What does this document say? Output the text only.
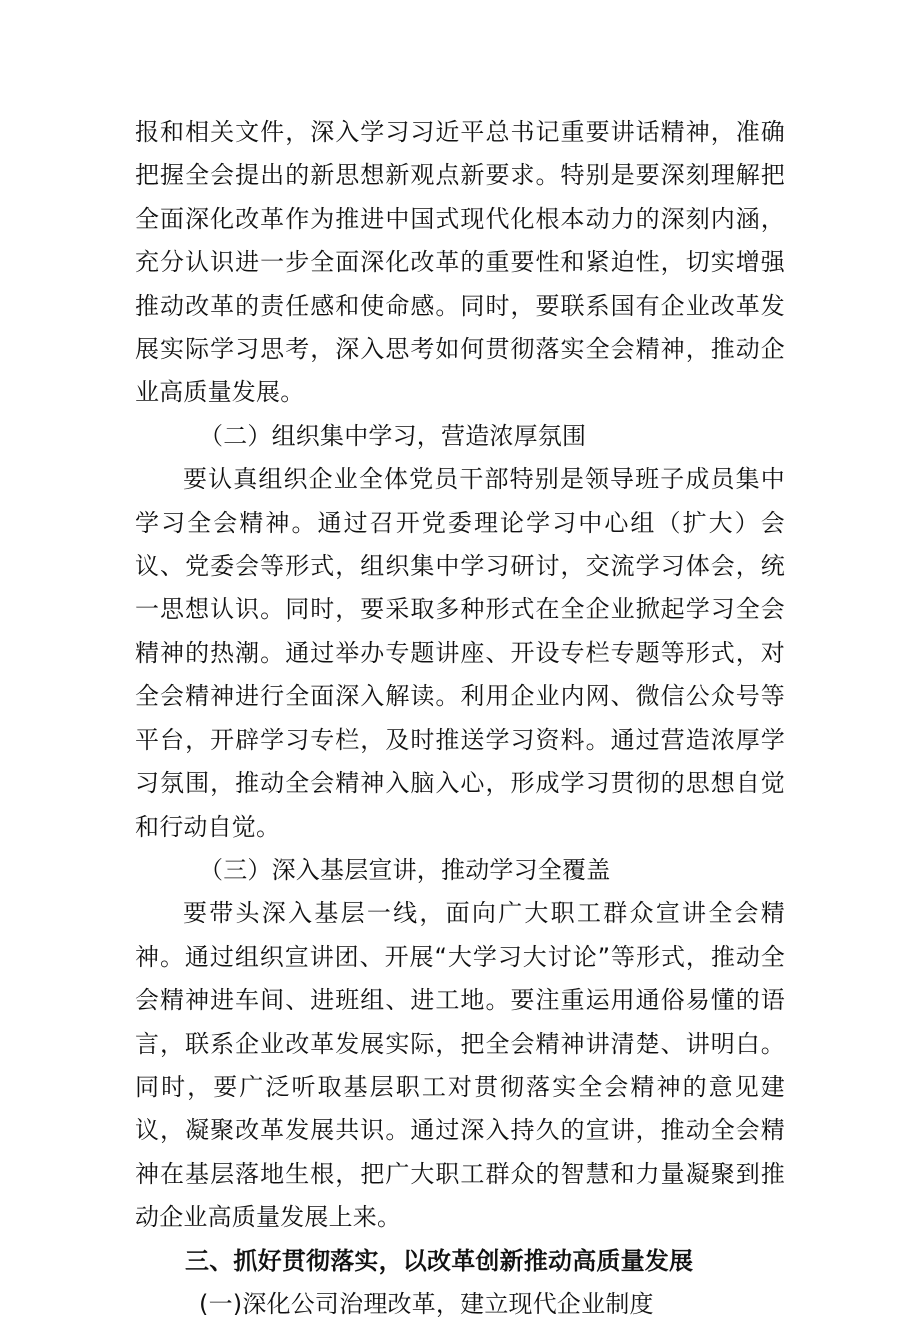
报和相关文件，深入学习习近平总书记重要讲话精神，准确把握全会提出的新思想新观点新要求。特别是要深刻理解把全面深化改革作为推进中国式现代化根本动力的深刻内涵，充分认识进一步全面深化改革的重要性和紧迫性，切实增强推动改革的责任感和使命感。同时，要联系国有企业改革发展实际学习思考，深入思考如何贯彻落实全会精神，推动企业高质量发展。

（二）组织集中学习，营造浓厚氛围

要认真组织企业全体党员干部特别是领导班子成员集中学习全会精神。通过召开党委理论学习中心组（扩大）会议、党委会等形式，组织集中学习研讨，交流学习体会，统一思想认识。同时，要采取多种形式在全企业掀起学习全会精神的热潮。通过举办专题讲座、开设专栏专题等形式，对全会精神进行全面深入解读。利用企业内网、微信公众号等平台，开辟学习专栏，及时推送学习资料。通过营造浓厚学习氛围，推动全会精神入脑入心，形成学习贯彻的思想自觉和行动自觉。

（三）深入基层宣讲，推动学习全覆盖

要带头深入基层一线，面向广大职工群众宣讲全会精神。通过组织宣讲团、开展“大学习大讨论”等形式，推动全会精神进车间、进班组、进工地。要注重运用通俗易懂的语言，联系企业改革发展实际，把全会精神讲清楚、讲明白。同时，要广泛听取基层职工对贯彻落实全会精神的意见建议，凝聚改革发展共识。通过深入持久的宣讲，推动全会精神在基层落地生根，把广大职工群众的智慧和力量凝聚到推动企业高质量发展上来。

三、抓好贯彻落实，以改革创新推动高质量发展

(一)深化公司治理改革，建立现代企业制度
